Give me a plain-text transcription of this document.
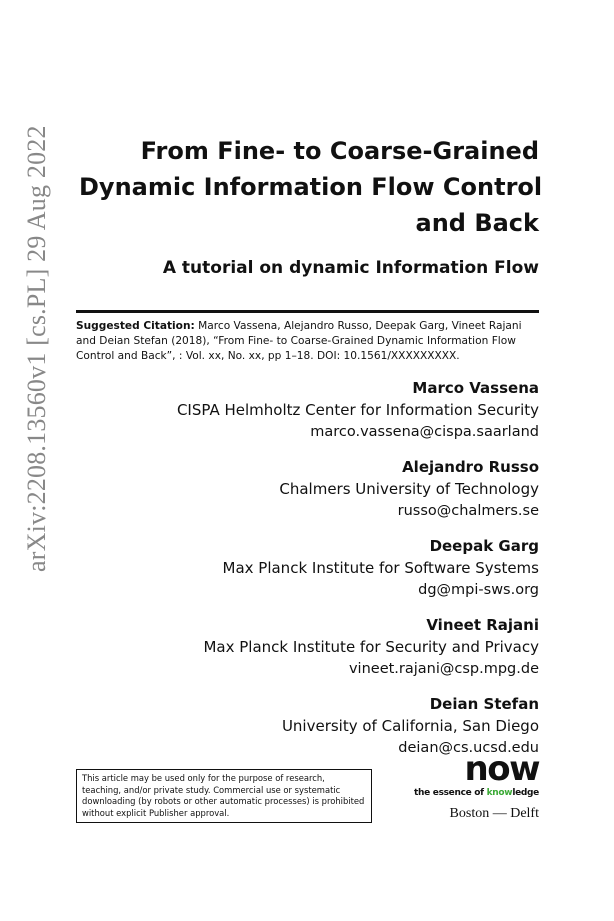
arXiv:2208.13560v1 [cs.PL] 29 Aug 2022	From Fine- to Coarse-Grained
Dynamic Information Flow Control
and Back
A tutorial on dynamic Information Flow
Suggested Citation: Marco Vassena, Alejandro Russo, Deepak Garg, Vineet Rajani and Deian Stefan (2018), “From Fine- to Coarse-Grained Dynamic Information Flow Control and Back”, : Vol. xx, No. xx, pp 1–18. DOI: 10.1561/XXXXXXXXX.
Marco Vassena
CISPA Helmholtz Center for Information Security
marco.vassena@cispa.saarland
Alejandro Russo
Chalmers University of Technology
russo@chalmers.se
Deepak Garg
Max Planck Institute for Software Systems
dg@mpi-sws.org
Vineet Rajani
Max Planck Institute for Security and Privacy
vineet.rajani@csp.mpg.de
Deian Stefan
University of California, San Diego
deian@cs.ucsd.edu
This article may be used only for the purpose of research, teaching, and/or private study. Commercial use or systematic downloading (by robots or other automatic processes) is prohibited without explicit Publisher approval.
now
the essence of knowledge
Boston — Delft
